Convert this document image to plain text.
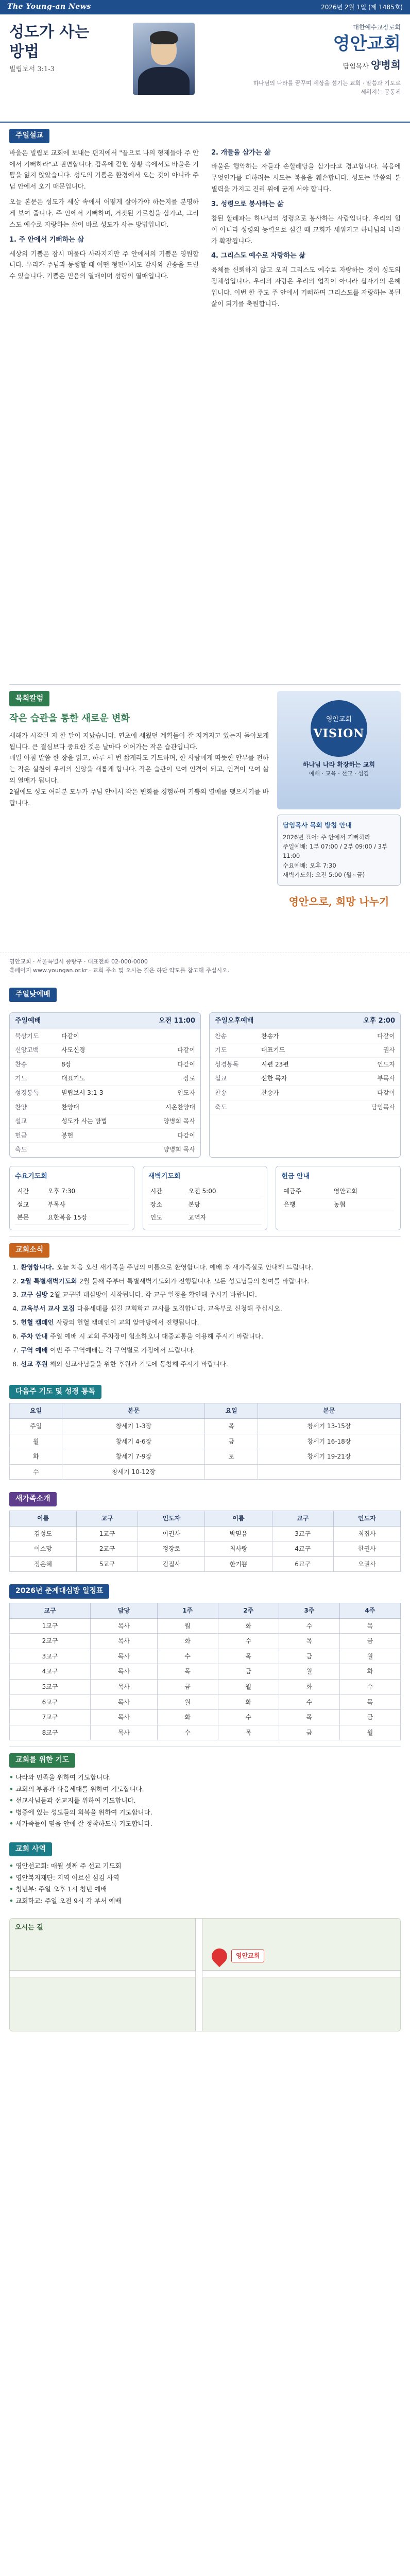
The Young-an News	2026년 2월 1일 (제 1485호)
성도가 사는
방법
빌립보서 3:1-3
대한예수교장로회
영안교회
담임목사 양병희
하나님의 나라를 꿈꾸며 세상을 섬기는 교회 · 말씀과 기도로 세워지는 공동체
주일설교

바울은 빌립보 교회에 보내는 편지에서 "끝으로 나의 형제들아 주 안에서 기뻐하라"고 권면합니다. 감옥에 갇힌 상황 속에서도 바울은 기쁨을 잃지 않았습니다. 성도의 기쁨은 환경에서 오는 것이 아니라 주님 안에서 오기 때문입니다.

오늘 본문은 성도가 세상 속에서 어떻게 살아가야 하는지를 분명하게 보여 줍니다. 주 안에서 기뻐하며, 거짓된 가르침을 삼가고, 그리스도 예수로 자랑하는 삶이 바로 성도가 사는 방법입니다.

1. 주 안에서 기뻐하는 삶

세상의 기쁨은 잠시 머물다 사라지지만 주 안에서의 기쁨은 영원합니다. 우리가 주님과 동행할 때 어떤 형편에서도 감사와 찬송을 드릴 수 있습니다. 기쁨은 믿음의 열매이며 성령의 열매입니다.

2. 개들을 삼가는 삶

바울은 행악하는 자들과 손할례당을 삼가라고 경고합니다. 복음에 무엇인가를 더하려는 시도는 복음을 훼손합니다. 성도는 말씀의 분별력을 가지고 진리 위에 굳게 서야 합니다.

3. 성령으로 봉사하는 삶

참된 할례파는 하나님의 성령으로 봉사하는 사람입니다. 우리의 힘이 아니라 성령의 능력으로 섬길 때 교회가 세워지고 하나님의 나라가 확장됩니다.

4. 그리스도 예수로 자랑하는 삶

육체를 신뢰하지 않고 오직 그리스도 예수로 자랑하는 것이 성도의 정체성입니다. 우리의 자랑은 우리의 업적이 아니라 십자가의 은혜입니다. 이번 한 주도 주 안에서 기뻐하며 그리스도를 자랑하는 복된 삶이 되기를 축원합니다.

목회칼럼
작은 습관을 통한 새로운 변화

새해가 시작된 지 한 달이 지났습니다. 연초에 세웠던 계획들이 잘 지켜지고 있는지 돌아보게 됩니다. 큰 결심보다 중요한 것은 날마다 이어가는 작은 습관입니다.

매일 아침 말씀 한 장을 읽고, 하루 세 번 짧게라도 기도하며, 한 사람에게 따뜻한 안부를 전하는 작은 실천이 우리의 신앙을 새롭게 합니다. 작은 습관이 모여 인격이 되고, 인격이 모여 삶의 열매가 됩니다.

2월에도 성도 여러분 모두가 주님 안에서 작은 변화를 경험하며 기쁨의 열매를 맺으시기를 바랍니다.

영안교회
VISION
하나님 나라 확장하는 교회
예배 · 교육 · 선교 · 섬김
담임목사 목회 방침 안내
2026년 표어: 주 안에서 기뻐하라
주일예배: 1부 07:00 / 2부 09:00 / 3부 11:00
수요예배: 오후 7:30
새벽기도회: 오전 5:00 (월~금)
영안으로, 희망 나누기
영안교회 · 서울특별시 중랑구 · 대표전화 02-000-0000
홈페이지 www.youngan.or.kr · 교회 주소 및 오시는 길은 하단 약도를 참고해 주십시오.
주일낮예배
주일예배	오전 11:00
묵상기도	다같이	
신앙고백	사도신경	다같이
찬송	8장	다같이
기도	대표기도	장로
성경봉독	빌립보서 3:1-3	인도자
찬양	찬양대	시온찬양대
설교	성도가 사는 방법	양병희 목사
헌금	봉헌	다같이
축도		양병희 목사
주일오후예배	오후 2:00
찬송	찬송가	다같이
기도	대표기도	권사
성경봉독	시편 23편	인도자
설교	선한 목자	부목사
찬송	찬송가	다같이
축도		담임목사
수요기도회
시간	오후 7:30
설교	부목사
본문	요한복음 15장
새벽기도회
시간	오전 5:00
장소	본당
인도	교역자
헌금 안내
예금주	영안교회
은행	농협
교회소식
1. 환영합니다. 오늘 처음 오신 새가족을 주님의 이름으로 환영합니다. 예배 후 새가족실로 안내해 드립니다.
2. 2월 특별새벽기도회 2월 둘째 주부터 특별새벽기도회가 진행됩니다. 모든 성도님들의 참여를 바랍니다.
3. 교구 심방 2월 교구별 대심방이 시작됩니다. 각 교구 일정을 확인해 주시기 바랍니다.
4. 교육부서 교사 모집 다음세대를 섬길 교회학교 교사를 모집합니다. 교육부로 신청해 주십시오.
5. 헌혈 캠페인 사랑의 헌혈 캠페인이 교회 앞마당에서 진행됩니다.
6. 주차 안내 주일 예배 시 교회 주차장이 협소하오니 대중교통을 이용해 주시기 바랍니다.
7. 구역 예배 이번 주 구역예배는 각 구역별로 가정에서 드립니다.
8. 선교 후원 해외 선교사님들을 위한 후원과 기도에 동참해 주시기 바랍니다.
다음주 기도 및 성경 통독
요일	본문	요일	본문
주일	창세기 1-3장	목	창세기 13-15장
월	창세기 4-6장	금	창세기 16-18장
화	창세기 7-9장	토	창세기 19-21장
수	창세기 10-12장		
새가족소개
이름	교구	인도자	이름	교구	인도자
김성도	1교구	이권사	박믿음	3교구	최집사
이소망	2교구	정장로	최사랑	4교구	한권사
정은혜	5교구	김집사	한기쁨	6교구	오권사
2026년 춘계대심방 일정표
교구	담당	1주	2주	3주	4주
1교구	목사	월	화	수	목
2교구	목사	화	수	목	금
3교구	목사	수	목	금	월
4교구	목사	목	금	월	화
5교구	목사	금	월	화	수
6교구	목사	월	화	수	목
7교구	목사	화	수	목	금
8교구	목사	수	목	금	월
교회를 위한 기도
• 나라와 민족을 위하여 기도합니다.
• 교회의 부흥과 다음세대를 위하여 기도합니다.
• 선교사님들과 선교지를 위하여 기도합니다.
• 병중에 있는 성도들의 회복을 위하여 기도합니다.
• 새가족들이 믿음 안에 잘 정착하도록 기도합니다.
교회 사역
• 영안선교회: 매월 셋째 주 선교 기도회
• 영안복지재단: 지역 어르신 섬김 사역
• 청년부: 주일 오후 1시 청년 예배
• 교회학교: 주일 오전 9시 각 부서 예배
오시는 길
영안교회
